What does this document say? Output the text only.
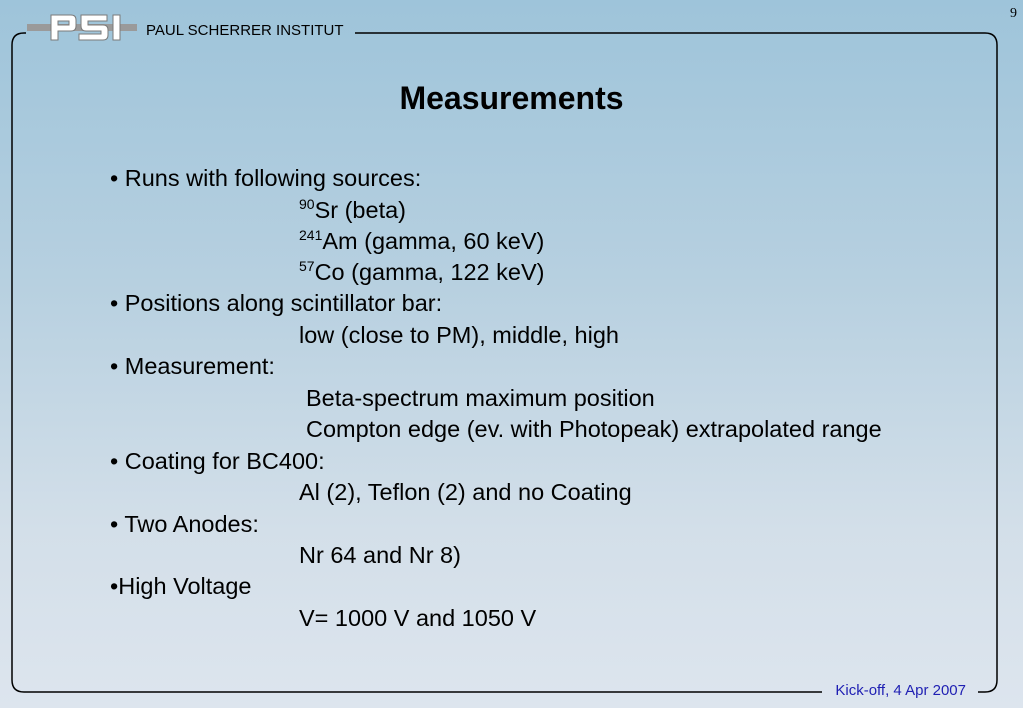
PAUL SCHERRER INSTITUT
9
Measurements
• Runs with following sources:
$^{90}$Sr (beta)
$^{241}$Am (gamma, 60 keV)
$^{57}$Co (gamma, 122 keV)
• Positions along scintillator bar:
low (close to PM), middle, high
• Measurement:
Beta-spectrum maximum position
Compton edge (ev. with Photopeak) extrapolated range
• Coating for BC400:
Al (2), Teflon (2) and no Coating
• Two Anodes:
Nr 64 and Nr 8)
•High Voltage
V= 1000 V and 1050 V
Kick-off, 4 Apr 2007
